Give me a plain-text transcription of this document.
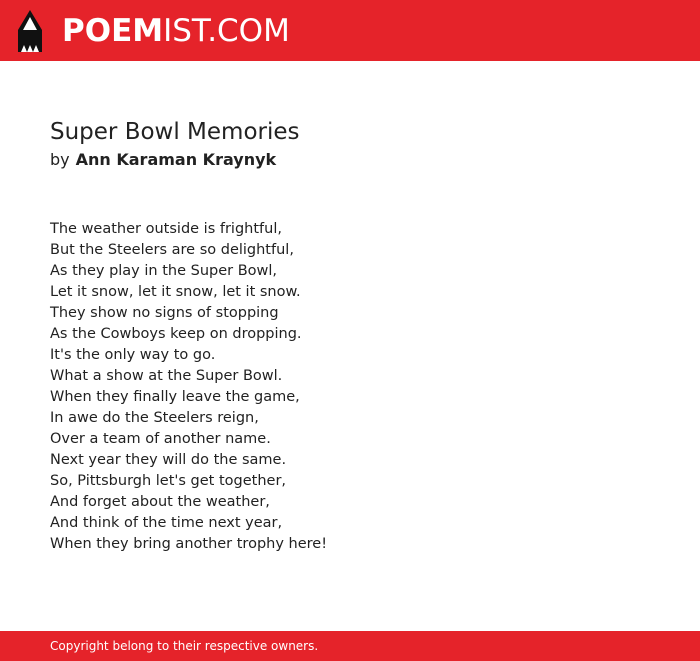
POEMIST.COM
Super Bowl Memories
by Ann Karaman Kraynyk
The weather outside is frightful,
But the Steelers are so delightful,
As they play in the Super Bowl,
Let it snow, let it snow, let it snow.
They show no signs of stopping
As the Cowboys keep on dropping.
It's the only way to go.
What a show at the Super Bowl.
When they finally leave the game,
In awe do the Steelers reign,
Over a team of another name.
Next year they will do the same.
So, Pittsburgh let's get together,
And forget about the weather,
And think of the time next year,
When they bring another trophy here!
Copyright belong to their respective owners.
